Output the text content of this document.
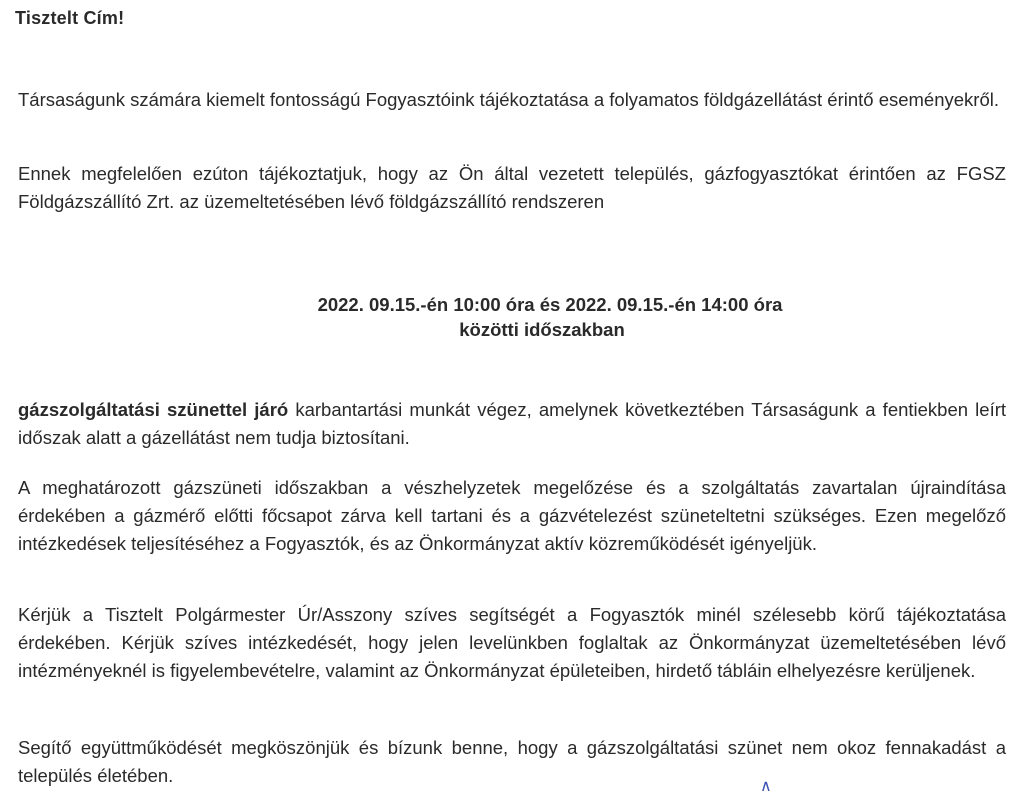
Tisztelt Cím!
Társaságunk számára kiemelt fontosságú Fogyasztóink tájékoztatása a folyamatos földgázellátást érintő eseményekről.
Ennek megfelelően ezúton tájékoztatjuk, hogy az Ön által vezetett település, gázfogyasztókat érintően az FGSZ Földgázszállító Zrt. az üzemeltetésében lévő földgázszállító rendszeren
2022. 09.15.-én 10:00 óra és 2022. 09.15.-én 14:00 óra
közötti időszakban
gázszolgáltatási szünettel járó karbantartási munkát végez, amelynek következtében Társaságunk a fentiekben leírt időszak alatt a gázellátást nem tudja biztosítani.
A meghatározott gázszüneti időszakban a vészhelyzetek megelőzése és a szolgáltatás zavartalan újraindítása érdekében a gázmérő előtti főcsapot zárva kell tartani és a gázvételezést szüneteltetni szükséges. Ezen megelőző intézkedések teljesítéséhez a Fogyasztók, és az Önkormányzat aktív közreműködését igényeljük.
Kérjük a Tisztelt Polgármester Úr/Asszony szíves segítségét a Fogyasztók minél szélesebb körű tájékoztatása érdekében. Kérjük szíves intézkedését, hogy jelen levelünkben foglaltak az Önkormányzat üzemeltetésében lévő intézményeknél is figyelembevételre, valamint az Önkormányzat épületeiben, hirdető tábláin elhelyezésre kerüljenek.
Segítő együttműködését megköszönjük és bízunk benne, hogy a gázszolgáltatási szünet nem okoz fennakadást a település életében.	∧
